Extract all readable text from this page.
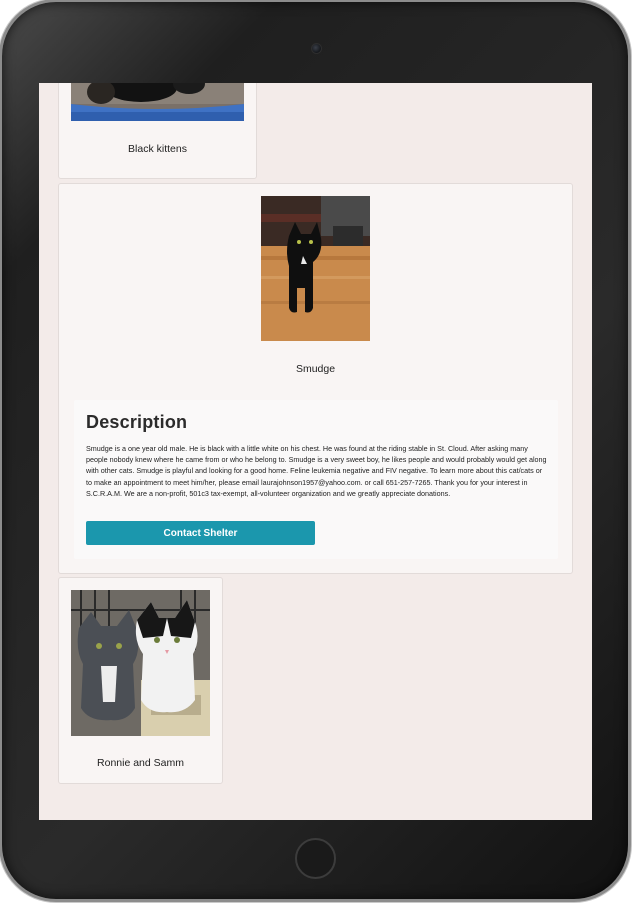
Black kittens
Smudge
Description
Smudge is a one year old male. He is black with a little white on his chest. He was found at the riding stable in St. Cloud. After asking many people nobody knew where he came from or who he belong to. Smudge is a very sweet boy, he likes people and would probably would get along with other cats. Smudge is playful and looking for a good home. Feline leukemia negative and FIV negative. To learn more about this cat/cats or to make an appointment to meet him/her, please email laurajohnson1957@yahoo.com. or call 651-257-7265. Thank you for your interest in S.C.R.A.M. We are a non-profit, 501c3 tax-exempt, all-volunteer organization and we greatly appreciate donations.
Contact Shelter
Ronnie and Samm
